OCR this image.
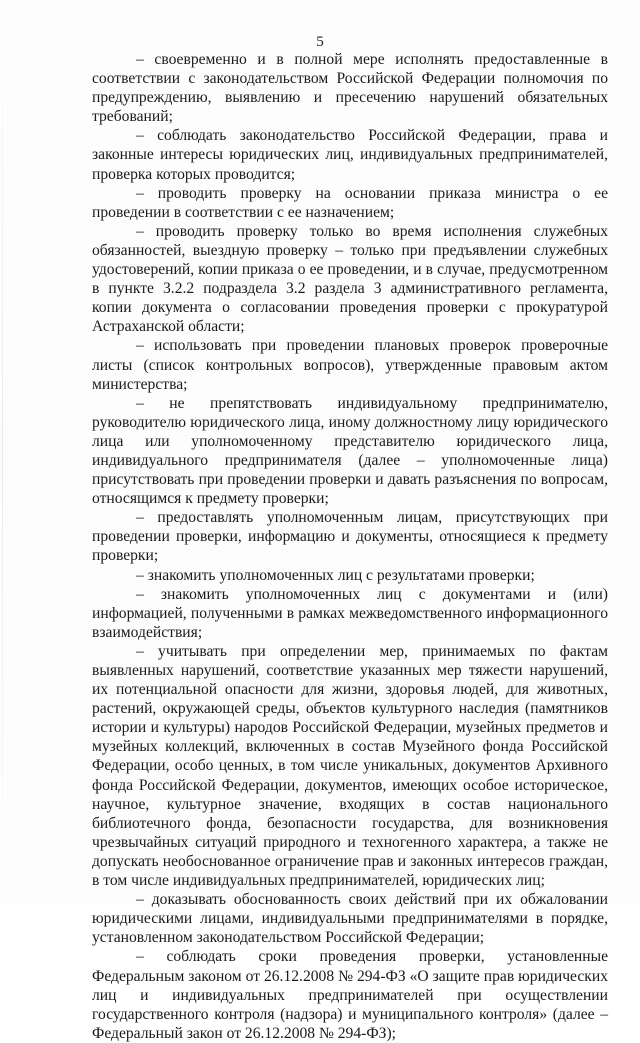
5

– своевременно и в полной мере исполнять предоставленные в соответствии с законодательством Российской Федерации полномочия по предупреждению, выявлению и пресечению нарушений обязательных требований;

– соблюдать законодательство Российской Федерации, права и законные интересы юридических лиц, индивидуальных предпринимателей, проверка которых проводится;

– проводить проверку на основании приказа министра о ее проведении в соответствии с ее назначением;

– проводить проверку только во время исполнения служебных обязанностей, выездную проверку – только при предъявлении служебных удостоверений, копии приказа о ее проведении, и в случае, предусмотренном в пункте 3.2.2 подраздела 3.2 раздела 3 административного регламента, копии документа о согласовании проведения проверки с прокуратурой Астраханской области;

– использовать при проведении плановых проверок проверочные листы (список контрольных вопросов), утвержденные правовым актом министерства;

– не препятствовать индивидуальному предпринимателю, руководителю юридического лица, иному должностному лицу юридического лица или уполномоченному представителю юридического лица, индивидуального предпринимателя (далее – уполномоченные лица) присутствовать при проведении проверки и давать разъяснения по вопросам, относящимся к предмету проверки;

– предоставлять уполномоченным лицам, присутствующих при проведении проверки, информацию и документы, относящиеся к предмету проверки;

– знакомить уполномоченных лиц с результатами проверки;

– знакомить уполномоченных лиц с документами и (или) информацией, полученными в рамках межведомственного информационного взаимодействия;

– учитывать при определении мер, принимаемых по фактам выявленных нарушений, соответствие указанных мер тяжести нарушений, их потенциальной опасности для жизни, здоровья людей, для животных, растений, окружающей среды, объектов культурного наследия (памятников истории и культуры) народов Российской Федерации, музейных предметов и музейных коллекций, включенных в состав Музейного фонда Российской Федерации, особо ценных, в том числе уникальных, документов Архивного фонда Российской Федерации, документов, имеющих особое историческое, научное, культурное значение, входящих в состав национального библиотечного фонда, безопасности государства, для возникновения чрезвычайных ситуаций природного и техногенного характера, а также не допускать необоснованное ограничение прав и законных интересов граждан, в том числе индивидуальных предпринимателей, юридических лиц;

– доказывать обоснованность своих действий при их обжаловании юридическими лицами, индивидуальными предпринимателями в порядке, установленном законодательством Российской Федерации;

– соблюдать сроки проведения проверки, установленные Федеральным законом от 26.12.2008 № 294-ФЗ «О защите прав юридических лиц и индивидуальных предпринимателей при осуществлении государственного контроля (надзора) и муниципального контроля» (далее – Федеральный закон от 26.12.2008 № 294-ФЗ);
